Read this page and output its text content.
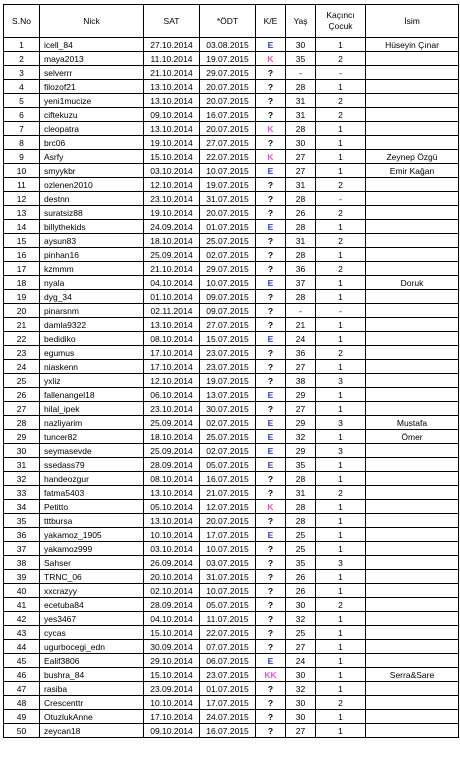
S.No	Nick	SAT	*ÖDT	K/E	Yaş	Kaçıncı Çocuk	İsim
1	icell_84	27.10.2014	03.08.2015	E	30	1	Hüseyin Çınar
2	maya2013	11.10.2014	19.07.2015	K	35	2	
3	selverrr	21.10.2014	29.07.2015	?	-	-	
4	filozof21	13.10.2014	20.07.2015	?	28	1	
5	yeni1mucize	13.10.2014	20.07.2015	?	31	2	
6	ciftekuzu	09.10.2014	16.07.2015	?	31	2	
7	cleopatra	13.10.2014	20.07.2015	K	28	1	
8	brc06	19.10.2014	27.07.2015	?	30	1	
9	Asrfy	15.10.2014	22.07.2015	K	27	1	Zeynep Özgü
10	smyykbr	03.10.2014	10.07.2015	E	27	1	Emir Kağan
11	ozlenen2010	12.10.2014	19.07.2015	?	31	2	
12	destnn	23.10.2014	31.07.2015	?	28	-	
13	suratsiz88	19.10.2014	20.07.2015	?	26	2	
14	billythekids	24.09.2014	01.07.2015	E	28	1	
15	aysun83	18.10.2014	25.07.2015	?	31	2	
16	pinhan16	25.09.2014	02.07.2015	?	28	1	
17	kzmmm	21.10.2014	29.07.2015	?	36	2	
18	nyala	04.10.2014	10.07.2015	E	37	1	Doruk
19	dyg_34	01.10.2014	09.07.2015	?	28	1	
20	pinarsnm	02.11.2014	09.07.2015	?	-	-	
21	damla9322	13.10.2014	27.07.2015	?	21	1	
22	bedidiko	08.10.2014	15.07.2015	E	24	1	
23	egumus	17.10.2014	23.07.2015	?	36	2	
24	niaskenn	17.10.2014	23.07.2015	?	27	1	
25	yxliz	12.10.2014	19.07.2015	?	38	3	
26	fallenangel18	06.10.2014	13.07.2015	E	29	1	
27	hilal_ipek	23.10.2014	30.07.2015	?	27	1	
28	nazliyarim	25.09.2014	02.07.2015	E	29	3	Mustafa
29	tuncer82	18.10.2014	25.07.2015	E	32	1	Ömer
30	seymasevde	25.09.2014	02.07.2015	E	29	3	
31	ssedass79	28.09.2014	05.07.2015	E	35	1	
32	handeozgur	08.10.2014	16.07.2015	?	28	1	
33	fatma5403	13.10.2014	21.07.2015	?	31	2	
34	Petitto	05.10.2014	12.07.2015	K	28	1	
35	tttbursa	13.10.2014	20.07.2015	?	28	1	
36	yakamoz_1905	10.10.2014	17.07.2015	E	25	1	
37	yakamoz999	03.10.2014	10.07.2015	?	25	1	
38	Sahser	26.09.2014	03.07.2015	?	35	3	
39	TRNC_06	20.10.2014	31.07.2015	?	26	1	
40	xxcrazyy	02.10.2014	10.07.2015	?	26	1	
41	ecetuba84	28.09.2014	05.07.2015	?	30	2	
42	yes3467	04.10.2014	11.07.2015	?	32	1	
43	cycas	15.10.2014	22.07.2015	?	25	1	
44	ugurbocegi_edn	30.09.2014	07.07.2015	?	27	1	
45	Ealif3806	29.10.2014	06.07.2015	E	24	1	
46	bushra_84	15.10.2014	23.07.2015	KK	30	1	Serra&Sare
47	rasiba	23.09.2014	01.07.2015	?	32	1	
48	Crescenttr	10.10.2014	17.07.2015	?	30	2	
49	OtuzlukAnne	17.10.2014	24.07.2015	?	30	1	
50	zeycan18	09.10.2014	16.07.2015	?	27	1	
